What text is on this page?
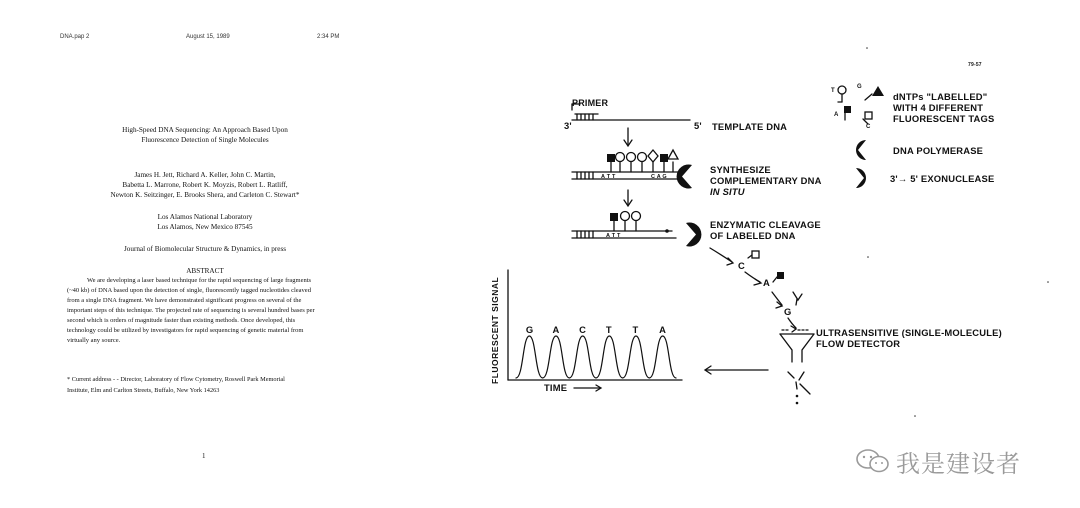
DNA.pap 2	August 15, 1989	2:34 PM
High-Speed DNA Sequencing: An Approach Based Upon
Fluorescence Detection of Single Molecules
James H. Jett, Richard A. Keller, John C. Martin,
Babetta L. Marrone, Robert K. Moyzis, Robert L. Ratliff,
Newton K. Seitzinger, E. Brooks Shera, and Carleton C. Stewart*
Los Alamos National Laboratory
Los Alamos, New Mexico 87545
Journal of Biomolecular Structure & Dynamics, in press
ABSTRACT

We are developing a laser based technique for the rapid sequencing of large fragments

(~40 kb) of DNA based upon the detection of single, fluorescently tagged nucleotides cleaved
from a single DNA fragment. We have demonstrated significant progress on several of the
important steps of this technique. The projected rate of sequencing is several hundred bases per
second which is orders of magnitude faster than existing methods. Once developed, this
technology could be utilized by investigators for rapid sequencing of genetic material from
virtually any source.
* Current address - - Director, Laboratory of Flow Cytometry, Roswell Park Memorial
Institute, Elm and Carlton Streets, Buffalo, New York 14263
1
PRIMER
3'	5' TEMPLATE DNA
A T T	C A G
SYNTHESIZE
COMPLEMENTARY DNA
IN SITU
A T T
ENZYMATIC CLEAVAGE
OF LABELED DNA
C
A
G
ULTRASENSITIVE (SINGLE-MOLECULE)
FLOW DETECTOR
FLUORESCENT SIGNAL
TIME
G A C T T A
T
G
A
C
dNTPs "LABELLED"
WITH 4 DIFFERENT
FLUORESCENT TAGS
DNA POLYMERASE
3'→ 5' EXONUCLEASE
79-57
我是建设者
